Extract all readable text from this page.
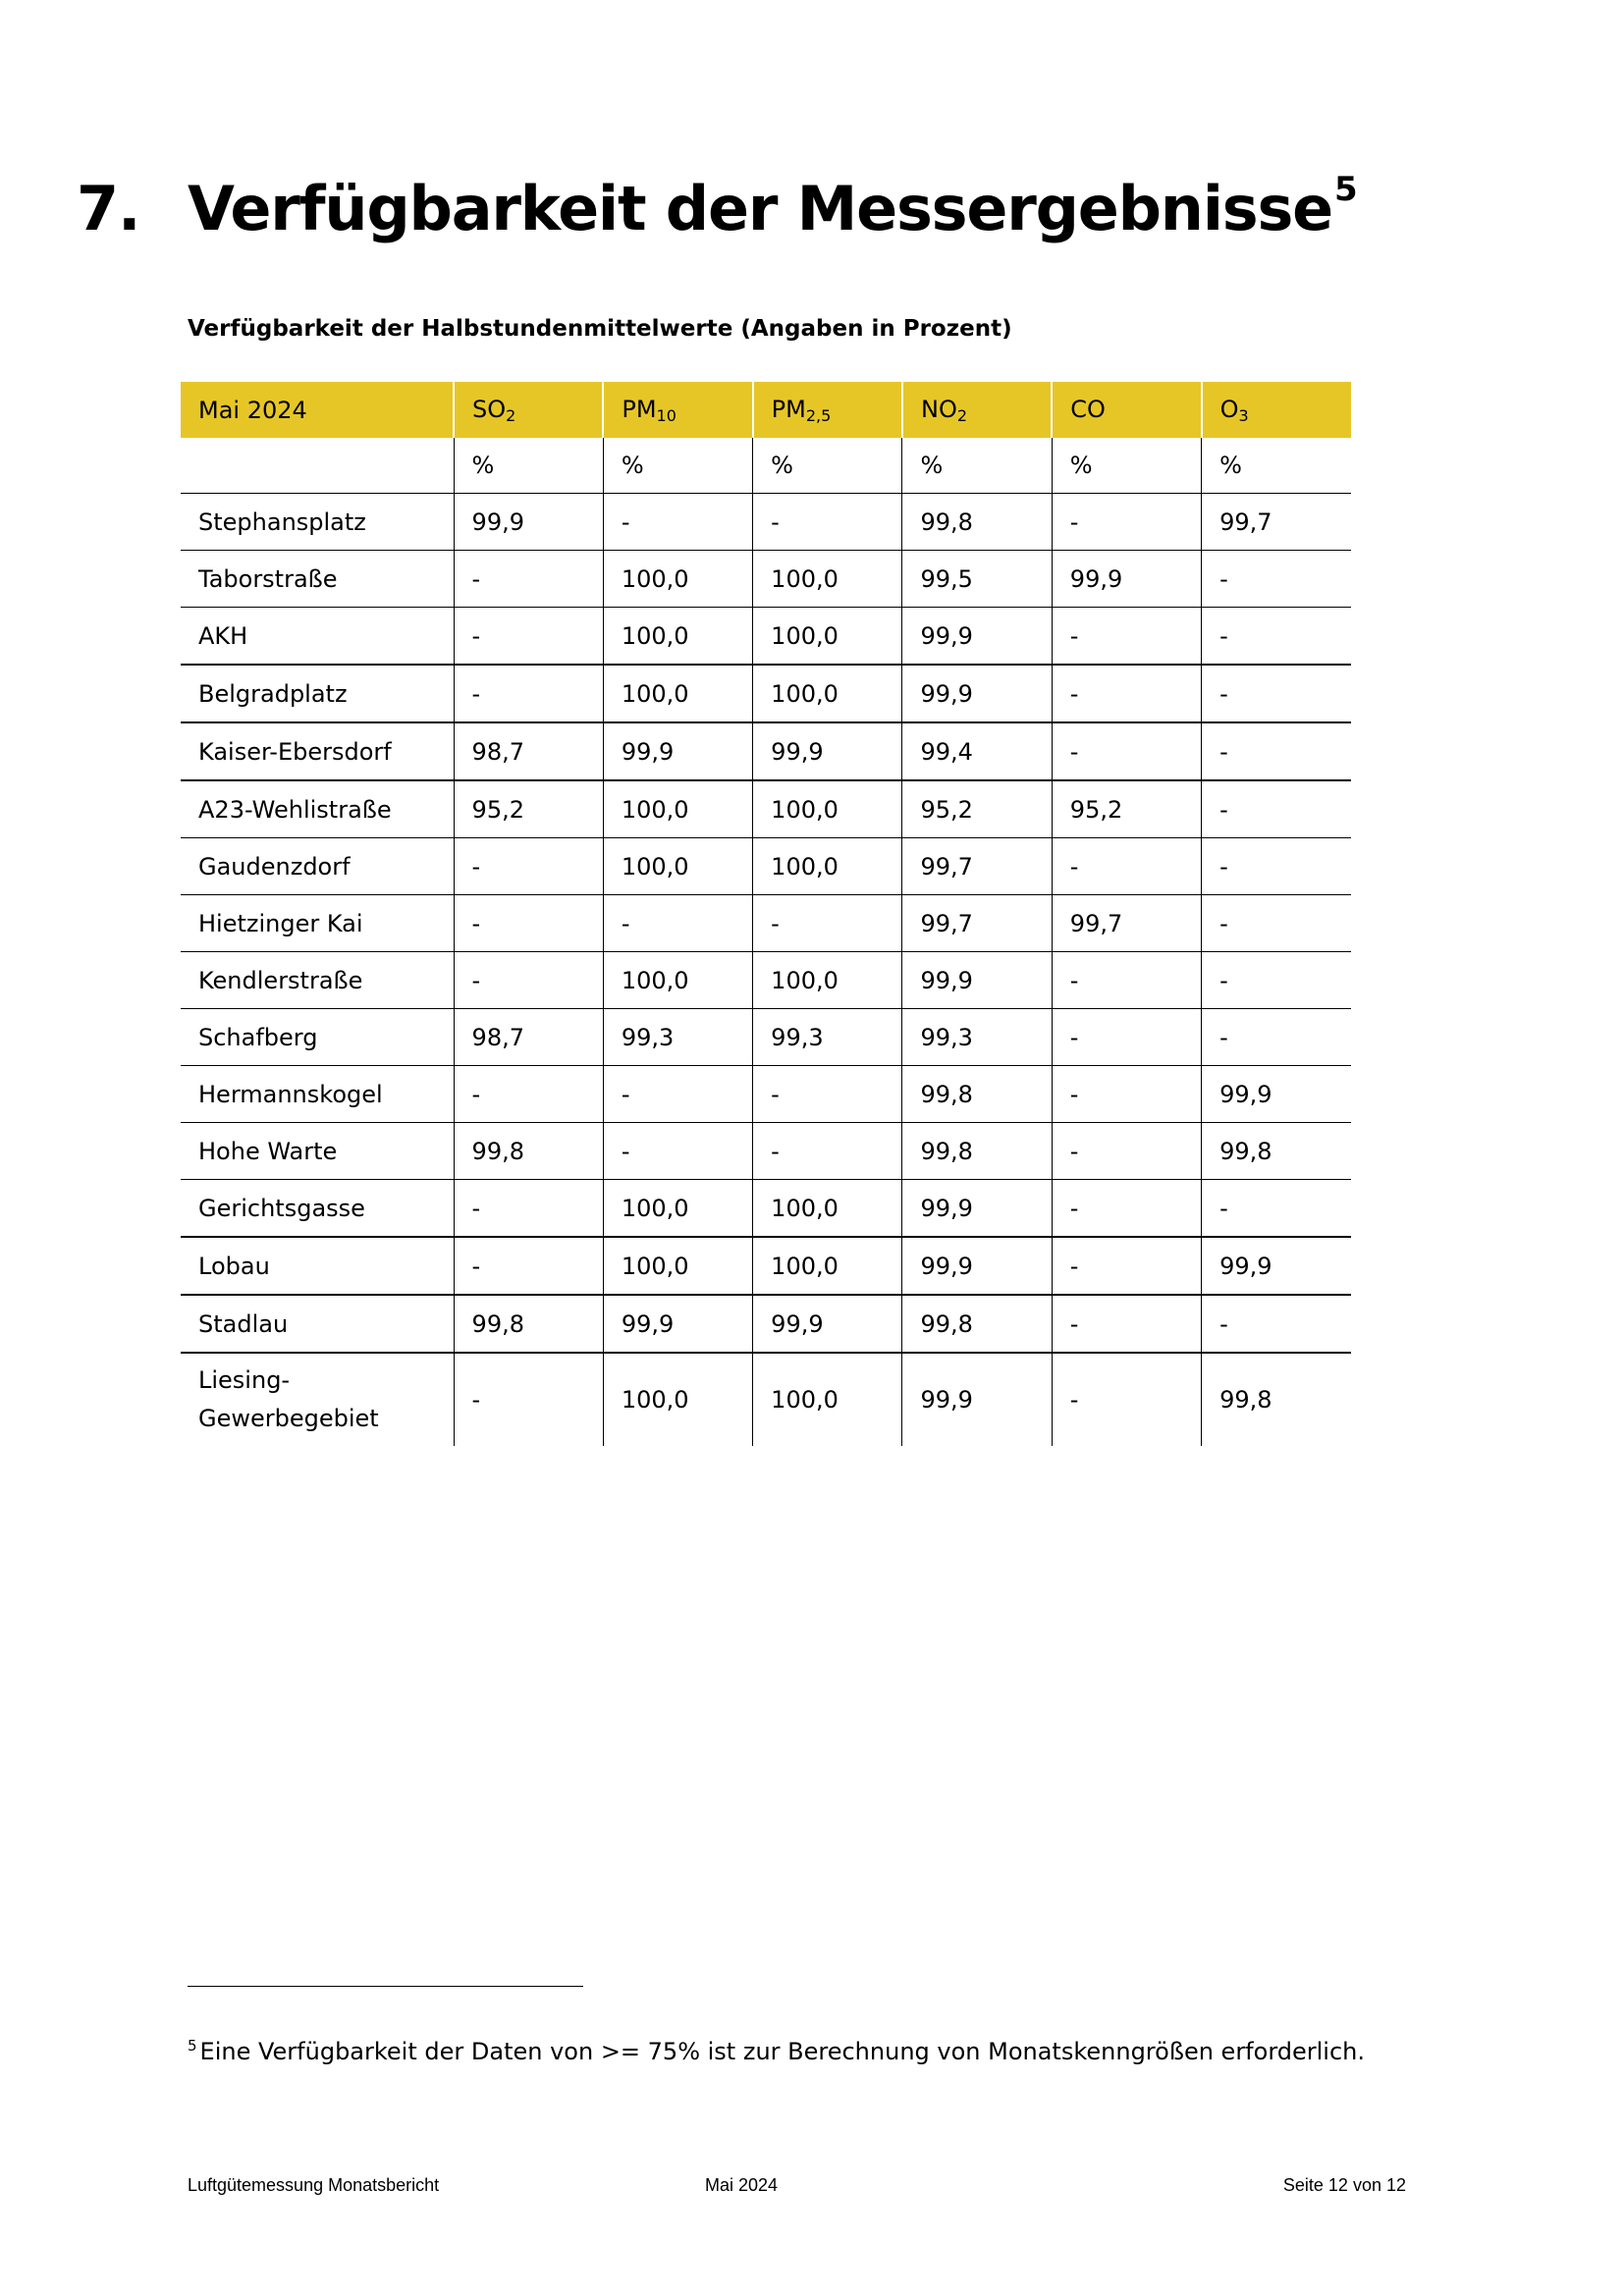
7. Verfügbarkeit der Messergebnisse$^5$

Verfügbarkeit der Halbstundenmittelwerte (Angaben in Prozent)

Mai 2024	$SO_2$	$PM_{10}$	$PM_{2,5}$	$NO_2$	CO	$O_3$
	%	%	%	%	%	%
Stephansplatz	99,9	-	-	99,8	-	99,7
Taborstraße	-	100,0	100,0	99,5	99,9	-
AKH	-	100,0	100,0	99,9	-	-
Belgradplatz	-	100,0	100,0	99,9	-	-
Kaiser-Ebersdorf	98,7	99,9	99,9	99,4	-	-
A23-Wehlistraße	95,2	100,0	100,0	95,2	95,2	-
Gaudenzdorf	-	100,0	100,0	99,7	-	-
Hietzinger Kai	-	-	-	99,7	99,7	-
Kendlerstraße	-	100,0	100,0	99,9	-	-
Schafberg	98,7	99,3	99,3	99,3	-	-
Hermannskogel	-	-	-	99,8	-	99,9
Hohe Warte	99,8	-	-	99,8	-	99,8
Gerichtsgasse	-	100,0	100,0	99,9	-	-
Lobau	-	100,0	100,0	99,9	-	99,9
Stadlau	99,8	99,9	99,9	99,8	-	-
Liesing-Gewerbegebiet	-	100,0	100,0	99,9	-	99,8

$^5$ Eine Verfügbarkeit der Daten von >= 75% ist zur Berechnung von Monatskenngrößen erforderlich.

Luftgütemessung Monatsbericht	Mai 2024	Seite 12 von 12
